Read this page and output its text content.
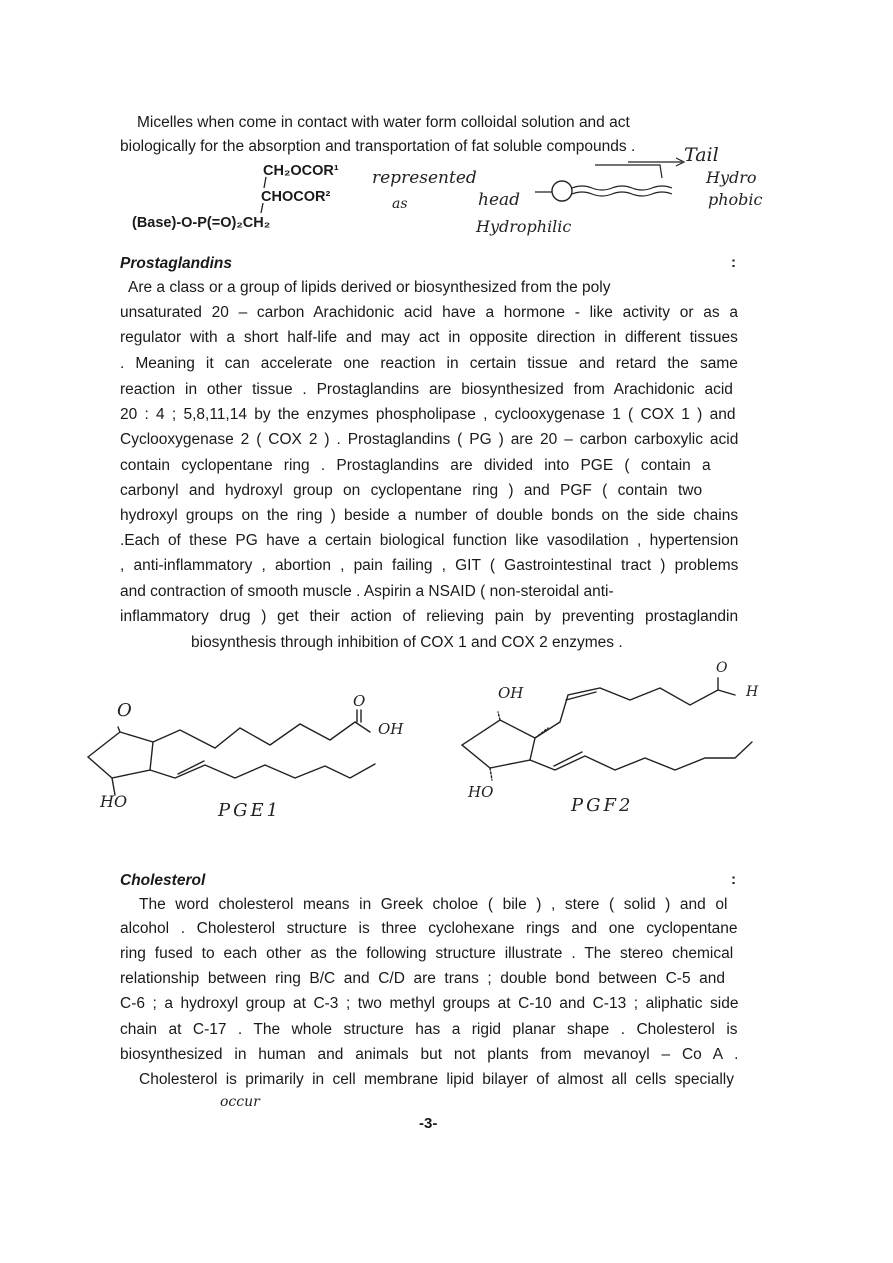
Micelles when come in contact with water form colloidal solution and act
biologically for the absorption and transportation of fat soluble compounds .
CH₂OCOR¹
CHOCOR²
(Base)-O-P(=O)₂CH₂
represented
as	head
Tail
Hydro
phobic
Hydrophilic
Prostaglandins	:
Are a class or a group of lipids derived or biosynthesized from the poly
unsaturated 20 – carbon Arachidonic acid have a hormone - like activity or as a
regulator with a short half-life and may act in opposite direction in different tissues
. Meaning it can accelerate one reaction in certain tissue and retard the same
reaction in other tissue . Prostaglandins are biosynthesized from Arachidonic acid
20 : 4 ; 5,8,11,14 by the enzymes phospholipase , cyclooxygenase 1 ( COX 1 ) and
Cyclooxygenase 2 ( COX 2 ) . Prostaglandins ( PG ) are 20 – carbon carboxylic acid
contain cyclopentane ring . Prostaglandins are divided into PGE ( contain a
carbonyl and hydroxyl group on cyclopentane ring ) and PGF ( contain two
hydroxyl groups on the ring ) beside a number of double bonds on the side chains
.Each of these PG have a certain biological function like vasodilation , hypertension
, anti-inflammatory , abortion , pain failing , GIT ( Gastrointestinal tract ) problems
and contraction of smooth muscle . Aspirin a NSAID ( non-steroidal anti-
inflammatory drug ) get their action of relieving pain by preventing prostaglandin
biosynthesis through inhibition of COX 1 and COX 2 enzymes .
O
HO
O
OH
PGE1
OH
HO
O
H
PGF2
Cholesterol	:
The word cholesterol means in Greek choloe ( bile ) , stere ( solid ) and ol
alcohol . Cholesterol structure is three cyclohexane rings and one cyclopentane
ring fused to each other as the following structure illustrate . The stereo chemical
relationship between ring B/C and C/D are trans ; double bond between C-5 and
C-6 ; a hydroxyl group at C-3 ; two methyl groups at C-10 and C-13 ; aliphatic side
chain at C-17 . The whole structure has a rigid planar shape . Cholesterol is
biosynthesized in human and animals but not plants from mevanoyl – Co A .
Cholesterol is primarily in cell membrane lipid bilayer of almost all cells specially
occur
-3-
